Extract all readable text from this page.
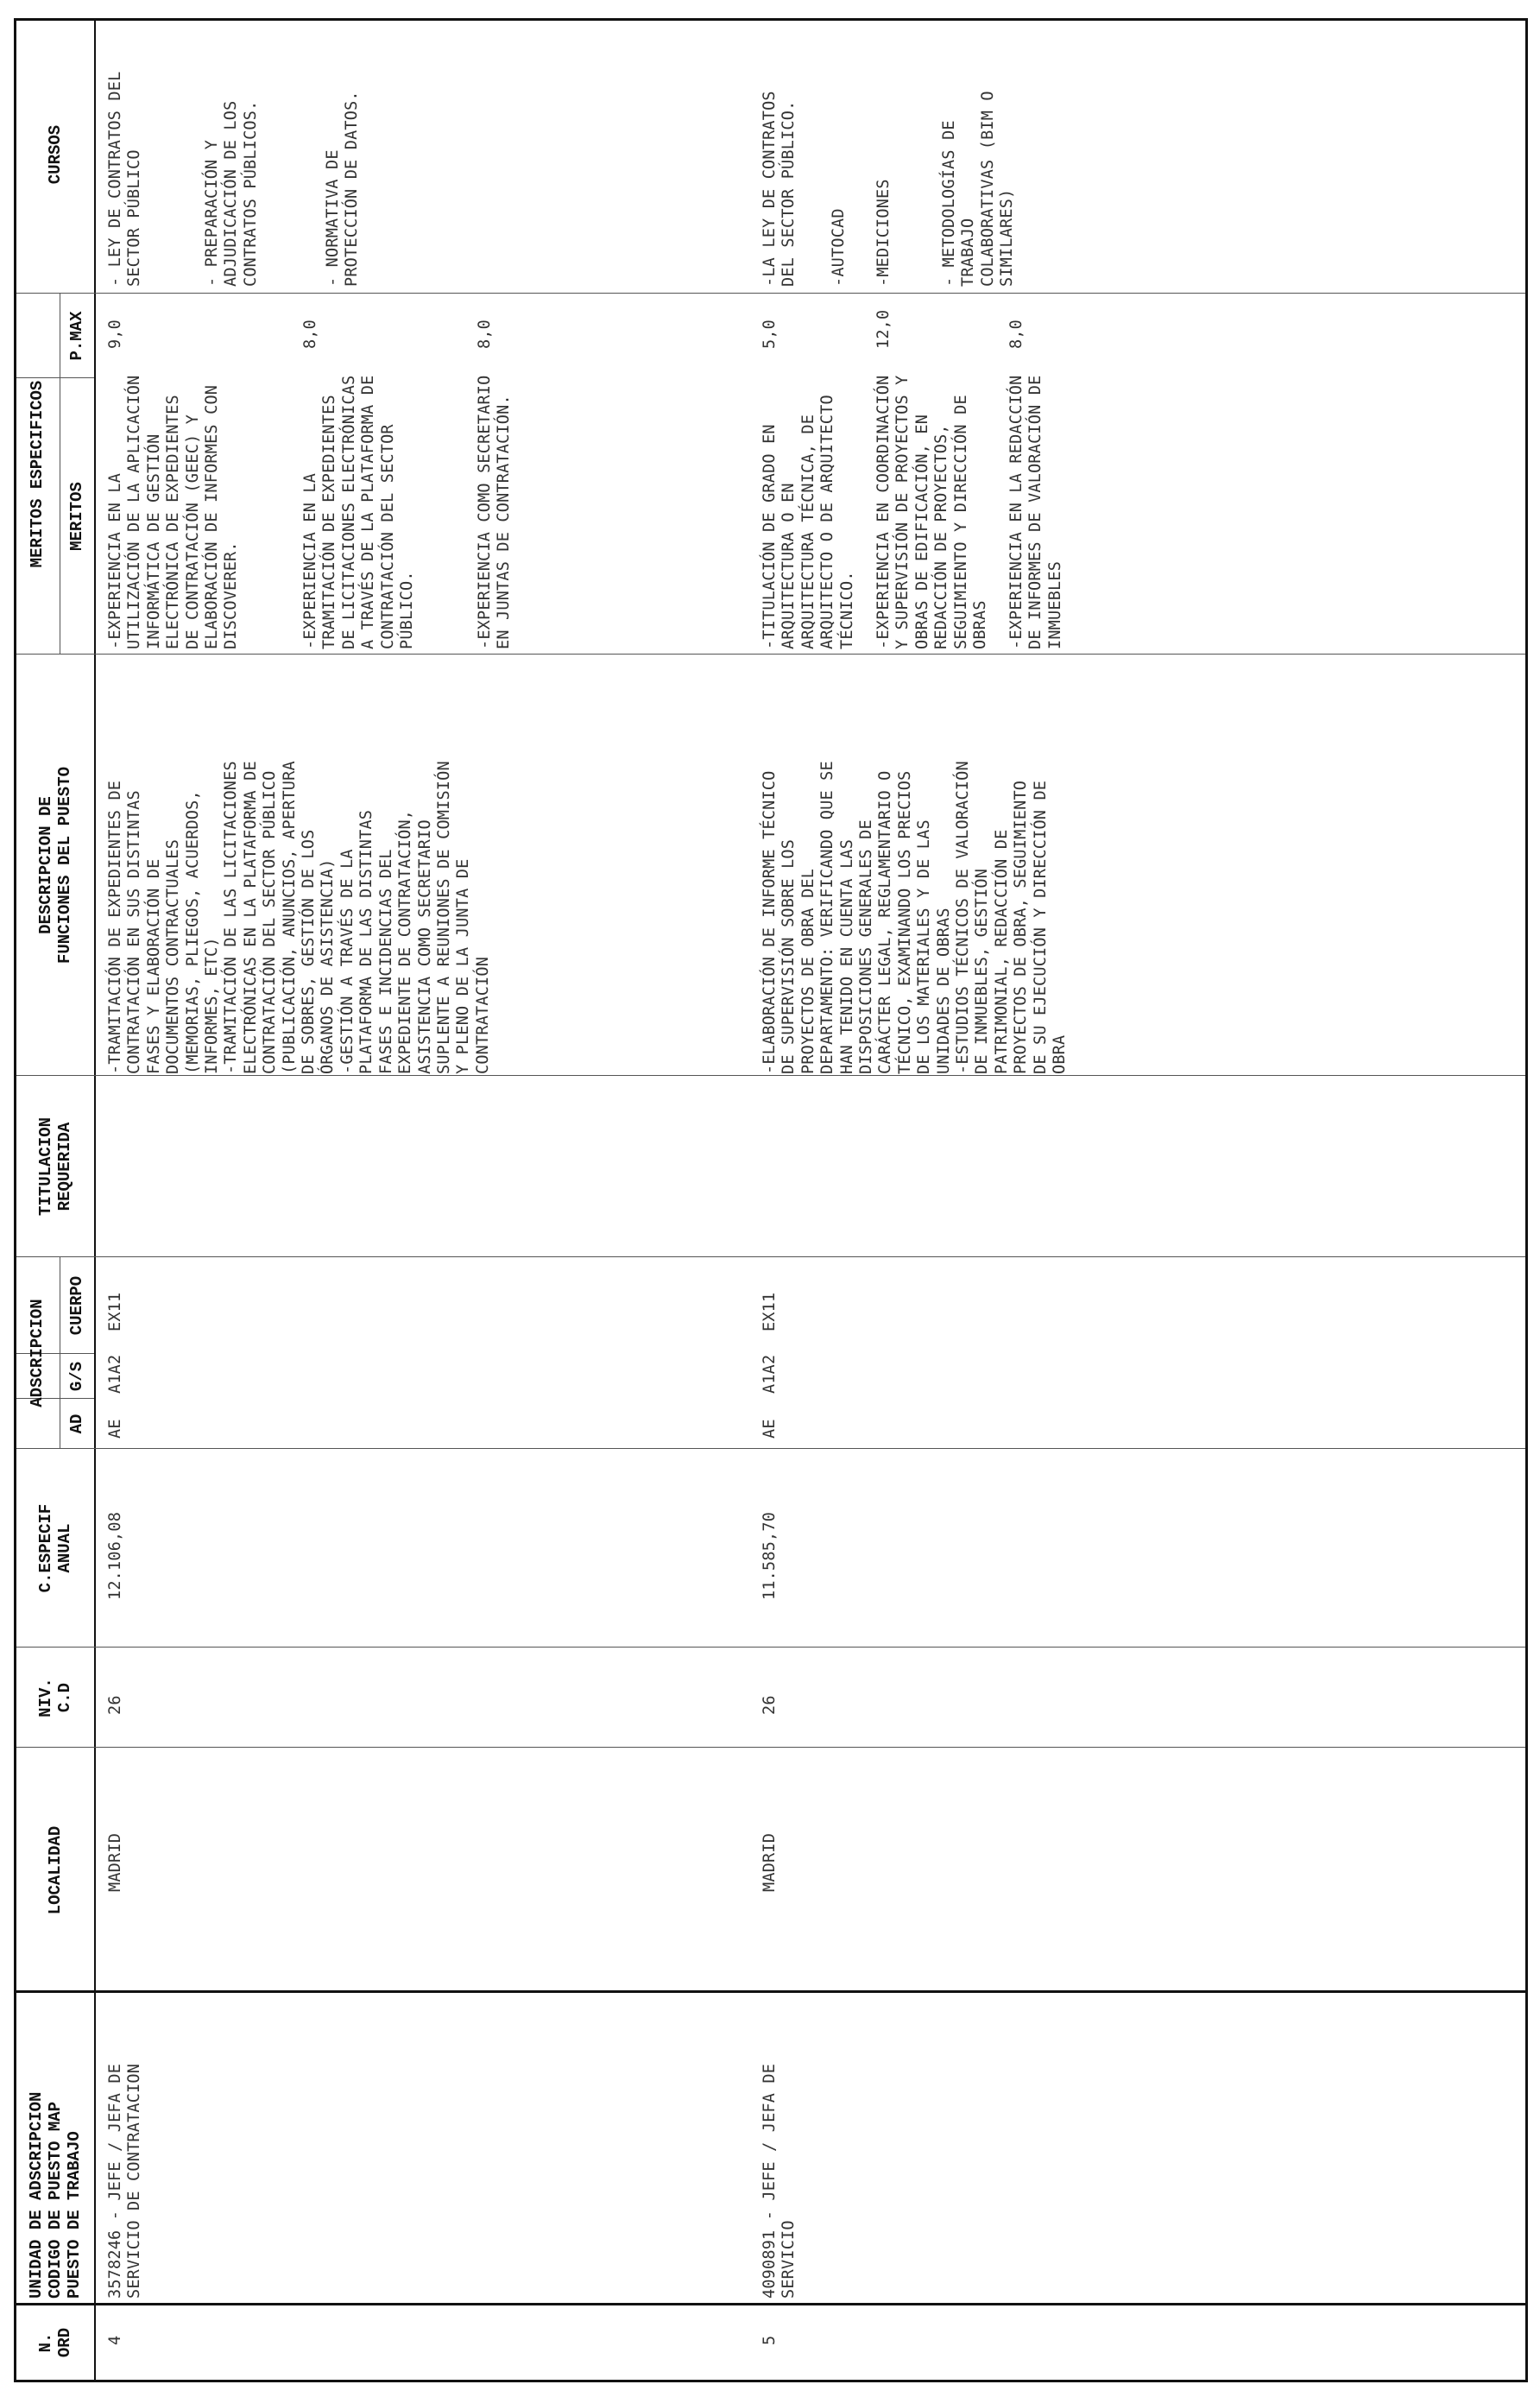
N.
ORD
UNIDAD DE ADSCRIPCION
CODIGO DE PUESTO MAP
PUESTO DE TRABAJO
LOCALIDAD
NIV.
C.D
C.ESPECIF
ANUAL
ADSCRIPCION
AD
G/S
CUERPO
TITULACION
REQUERIDA
DESCRIPCION DE
FUNCIONES DEL PUESTO
MERITOS ESPECIFICOS	MERITOS
P.MAX
CURSOS
4
3578246 - JEFE / JEFA DE
SERVICIO DE CONTRATACION
MADRID
26
12.106,08
AE
A1A2
EX11
-TRAMITACIÓN DE EXPEDIENTES DE
CONTRATACIÓN EN SUS DISTINTAS
FASES Y ELABORACIÓN DE
DOCUMENTOS CONTRACTUALES
(MEMORIAS, PLIEGOS, ACUERDOS,
INFORMES, ETC)
-TRAMITACIÓN DE LAS LICITACIONES
ELECTRÓNICAS EN LA PLATAFORMA DE
CONTRATACIÓN DEL SECTOR PÚBLICO
(PUBLICACIÓN, ANUNCIOS, APERTURA
DE SOBRES, GESTIÓN DE LOS
ÓRGANOS DE ASISTENCIA)
-GESTIÓN A TRAVÉS DE LA
PLATAFORMA DE LAS DISTINTAS
FASES E INCIDENCIAS DEL
EXPEDIENTE DE CONTRATACIÓN,
ASISTENCIA COMO SECRETARIO
SUPLENTE A REUNIONES DE COMISIÓN
Y PLENO DE LA JUNTA DE
CONTRATACIÓN
-EXPERIENCIA EN LA
UTILIZACIÓN DE LA APLICACIÓN
INFORMÁTICA DE GESTIÓN
ELECTRÓNICA DE EXPEDIENTES
DE CONTRATACIÓN (GEEC) Y
ELABORACIÓN DE INFORMES CON
DISCOVERER.
9,0
-EXPERIENCIA EN LA
TRAMITACIÓN DE EXPEDIENTES
DE LICITACIONES ELECTRÓNICAS
A TRAVÉS DE LA PLATAFORMA DE
CONTRATACIÓN DEL SECTOR
PÚBLICO.
8,0
-EXPERIENCIA COMO SECRETARIO
EN JUNTAS DE CONTRATACIÓN.
8,0
- LEY DE CONTRATOS DEL
SECTOR PÚBLICO
- PREPARACIÓN Y
ADJUDICACIÓN DE LOS
CONTRATOS PÚBLICOS.
- NORMATIVA DE
PROTECCIÓN DE DATOS.
5
4090891 - JEFE / JEFA DE
SERVICIO
MADRID
26
11.585,70
AE
A1A2
EX11
-ELABORACIÓN DE INFORME TÉCNICO
DE SUPERVISIÓN SOBRE LOS
PROYECTOS DE OBRA DEL
DEPARTAMENTO: VERIFICANDO QUE SE
HAN TENIDO EN CUENTA LAS
DISPOSICIONES GENERALES DE
CARÁCTER LEGAL, REGLAMENTARIO O
TÉCNICO, EXAMINANDO LOS PRECIOS
DE LOS MATERIALES Y DE LAS
UNIDADES DE OBRAS
-ESTUDIOS TÉCNICOS DE VALORACIÓN
DE INMUEBLES, GESTIÓN
PATRIMONIAL, REDACCIÓN DE
PROYECTOS DE OBRA, SEGUIMIENTO
DE SU EJECUCIÓN Y DIRECCIÓN DE
OBRA
-TITULACIÓN DE GRADO EN
ARQUITECTURA O EN
ARQUITECTURA TÉCNICA, DE
ARQUITECTO O DE ARQUITECTO
TÉCNICO.
5,0
-EXPERIENCIA EN COORDINACIÓN
Y SUPERVISIÓN DE PROYECTOS Y
OBRAS DE EDIFICACIÓN, EN
REDACCIÓN DE PROYECTOS,
SEGUIMIENTO Y DIRECCIÓN DE
OBRAS
12,0
-EXPERIENCIA EN LA REDACCIÓN
DE INFORMES DE VALORACIÓN DE
INMUEBLES
8,0
-LA LEY DE CONTRATOS
DEL SECTOR PÚBLICO.
-AUTOCAD -MEDICIONES	- METODOLOGÍAS DE
TRABAJO
COLABORATIVAS (BIM O
SIMILARES)
